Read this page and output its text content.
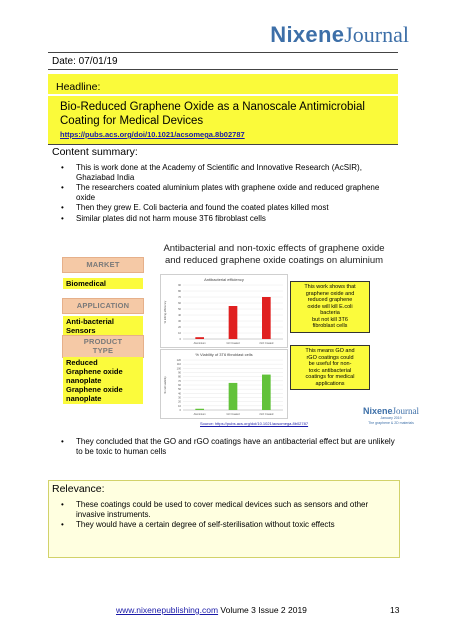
NixeneJournal
Date: 07/01/19
Headline:
Bio-Reduced Graphene Oxide as a Nanoscale Antimicrobial
Coating for Medical Devices
https://pubs.acs.org/doi/10.1021/acsomega.8b02787
Content summary:
• This is work done at the Academy of Scientific and Innovative Research (AcSIR), Ghaziabad India
• The researchers coated aluminium plates with graphene oxide and reduced graphene oxide
• Then they grew E. Coli bacteria and found the coated plates killed most
• Similar plates did not harm mouse 3T6 fibroblast cells
Antibacterial and non-toxic effects of graphene oxide
and reduced graphene oxide coatings on aluminium
MARKET
Biomedical
APPLICATION
Anti-bacterial
Sensors
PRODUCT
TYPE
Reduced
Graphene oxide
nanoplate
Graphene oxide
nanoplate
Antibacterial efficiency
% killing efficiency
0
10
20
30
40
50
60
70
80
90
Aluminium	GO Coated	rGO Coated
% Viability of 3T6 fibroblast cells
% cell viability
0
10
20
30
40
50
60
70
80
90
100
110
120
Aluminium	GO Coated	rGO Coated
This work shows that
graphene oxide and
reduced graphene
oxide will kill E.coli
bacteria
but not kill 3T6
fibroblast cells
This means GO and
rGO coatings could
be useful for non-
toxic antibacterial
coatings for medical
applications
NixeneJournal
January 2019
The graphene & 2D materials
Source: https://pubs.acs.org/doi/10.1021/acsomega.8b02787
• They concluded that the GO and rGO coatings have an antibacterial effect but are unlikely to be toxic to human cells
Relevance:
• These coatings could be used to cover medical devices such as sensors and other invasive instruments.
• They would have a certain degree of self-sterilisation without toxic effects
www.nixenepublishing.com Volume 3 Issue 2 2019	13
